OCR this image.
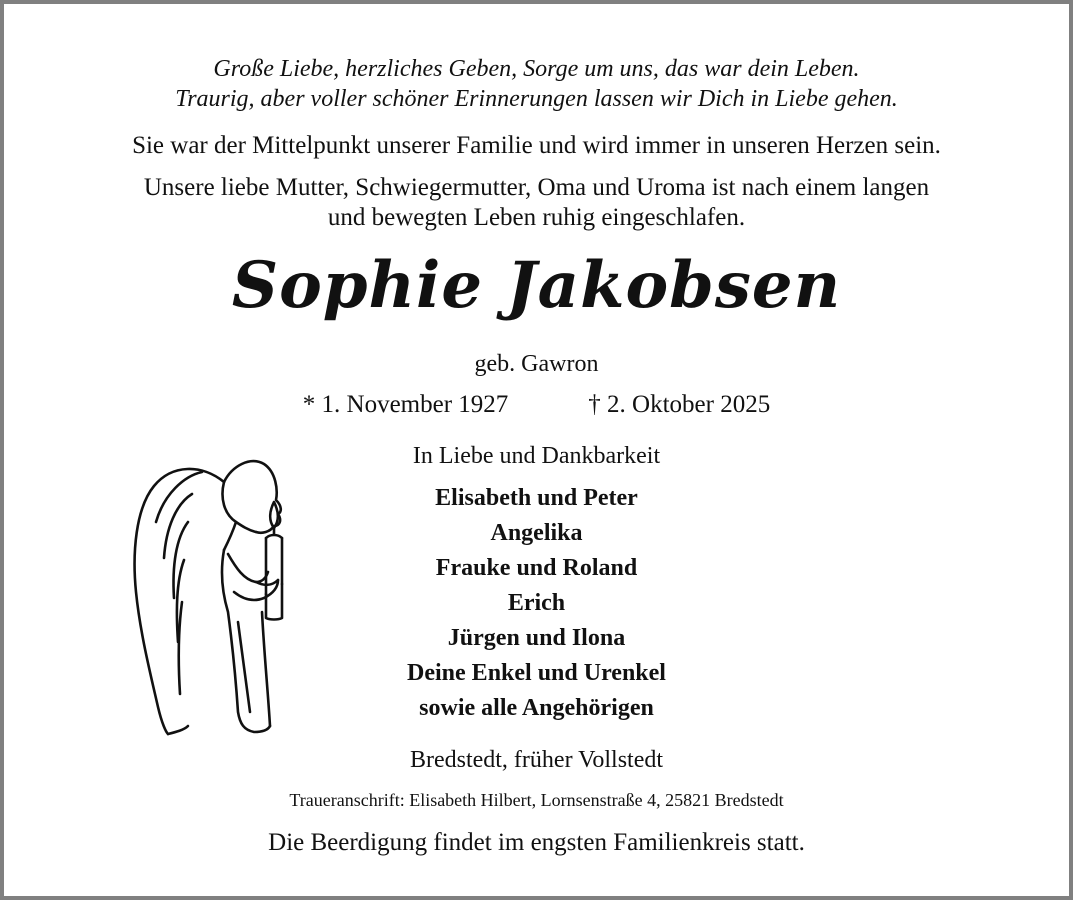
Große Liebe, herzliches Geben, Sorge um uns, das war dein Leben.
Traurig, aber voller schöner Erinnerungen lassen wir Dich in Liebe gehen.
Sie war der Mittelpunkt unserer Familie und wird immer in unseren Herzen sein.
Unsere liebe Mutter, Schwiegermutter, Oma und Uroma ist nach einem langen
und bewegten Leben ruhig eingeschlafen.
Sophie Jakobsen
geb. Gawron
* 1. November 1927	† 2. Oktober 2025
In Liebe und Dankbarkeit
Elisabeth und Peter
Angelika
Frauke und Roland
Erich
Jürgen und Ilona
Deine Enkel und Urenkel
sowie alle Angehörigen
Bredstedt, früher Vollstedt
Traueranschrift: Elisabeth Hilbert, Lornsenstraße 4, 25821 Bredstedt
Die Beerdigung findet im engsten Familienkreis statt.
